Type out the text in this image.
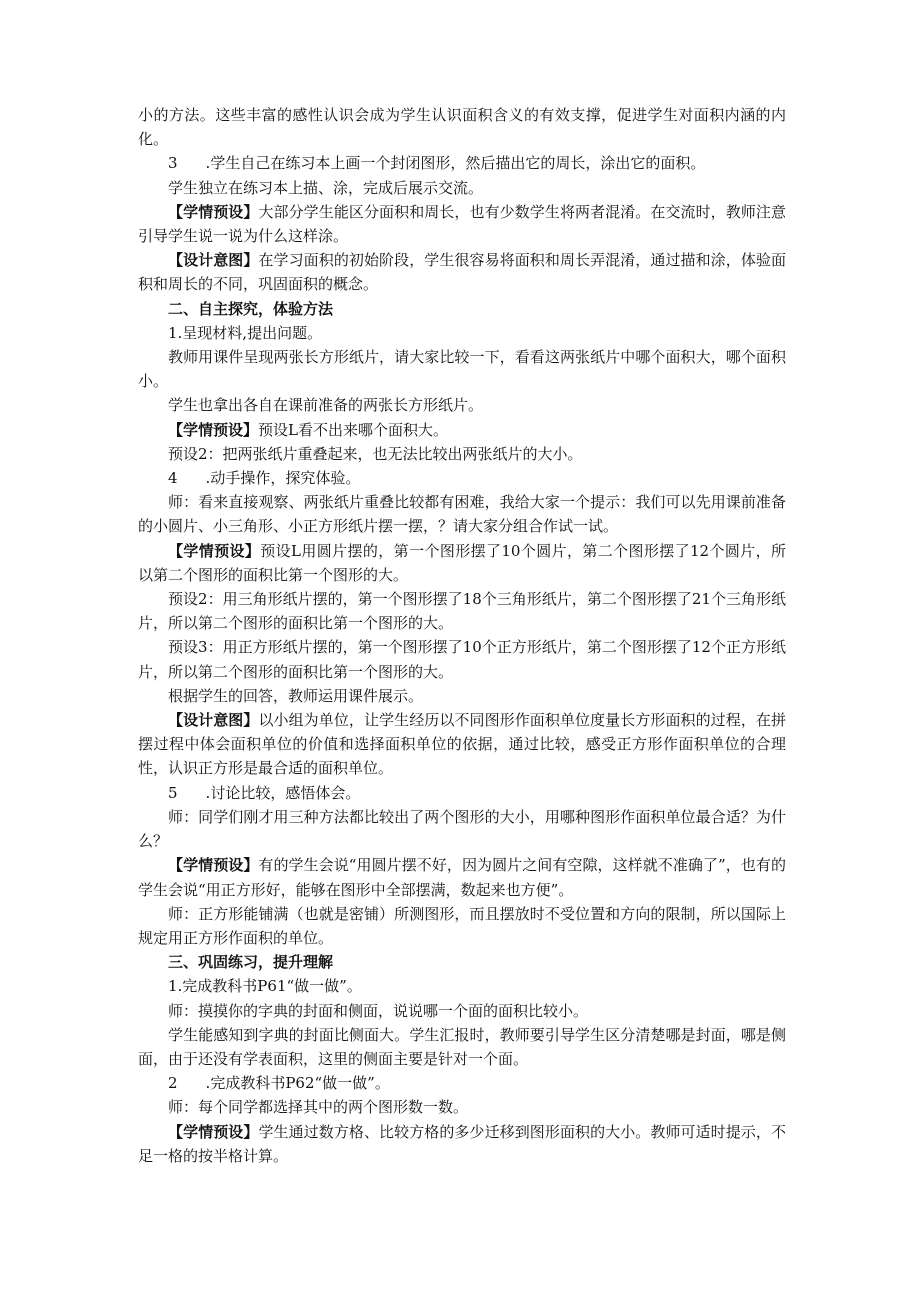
小的方法。这些丰富的感性认识会成为学生认识面积含义的有效支撑，促进学生对面积内涵的内化。

3 .学生自己在练习本上画一个封闭图形，然后描出它的周长，涂出它的面积。

学生独立在练习本上描、涂，完成后展示交流。

【学情预设】大部分学生能区分面积和周长，也有少数学生将两者混淆。在交流时，教师注意引导学生说一说为什么这样涂。

【设计意图】在学习面积的初始阶段，学生很容易将面积和周长弄混淆，通过描和涂，体验面积和周长的不同，巩固面积的概念。

二、自主探究，体验方法

1.呈现材料,提出问题。

教师用课件呈现两张长方形纸片，请大家比较一下，看看这两张纸片中哪个面积大，哪个面积小。

学生也拿出各自在课前准备的两张长方形纸片。

【学情预设】预设L看不出来哪个面积大。

预设2：把两张纸片重叠起来，也无法比较出两张纸片的大小。

4 .动手操作，探究体验。

师：看来直接观察、两张纸片重叠比较都有困难，我给大家一个提示：我们可以先用课前准备的小圆片、小三角形、小正方形纸片摆一摆，？请大家分组合作试一试。

【学情预设】预设L用圆片摆的，第一个图形摆了10个圆片，第二个图形摆了12个圆片，所以第二个图形的面积比第一个图形的大。

预设2：用三角形纸片摆的，第一个图形摆了18个三角形纸片，第二个图形摆了21个三角形纸片，所以第二个图形的面积比第一个图形的大。

预设3：用正方形纸片摆的，第一个图形摆了10个正方形纸片，第二个图形摆了12个正方形纸片，所以第二个图形的面积比第一个图形的大。

根据学生的回答，教师运用课件展示。

【设计意图】以小组为单位，让学生经历以不同图形作面积单位度量长方形面积的过程，在拼摆过程中体会面积单位的价值和选择面积单位的依据，通过比较，感受正方形作面积单位的合理性，认识正方形是最合适的面积单位。

5 .讨论比较，感悟体会。

师：同学们刚才用三种方法都比较出了两个图形的大小，用哪种图形作面积单位最合适？为什么？

【学情预设】有的学生会说“用圆片摆不好，因为圆片之间有空隙，这样就不准确了”，也有的学生会说“用正方形好，能够在图形中全部摆满，数起来也方便”。

师：正方形能铺满（也就是密铺）所测图形，而且摆放时不受位置和方向的限制，所以国际上规定用正方形作面积的单位。

三、巩固练习，提升理解

1.完成教科书P61“做一做”。

师：摸摸你的字典的封面和侧面，说说哪一个面的面积比较小。

学生能感知到字典的封面比侧面大。学生汇报时，教师要引导学生区分清楚哪是封面，哪是侧面，由于还没有学表面积，这里的侧面主要是针对一个面。

2 .完成教科书P62“做一做”。

师：每个同学都选择其中的两个图形数一数。

【学情预设】学生通过数方格、比较方格的多少迁移到图形面积的大小。教师可适时提示，不足一格的按半格计算。
